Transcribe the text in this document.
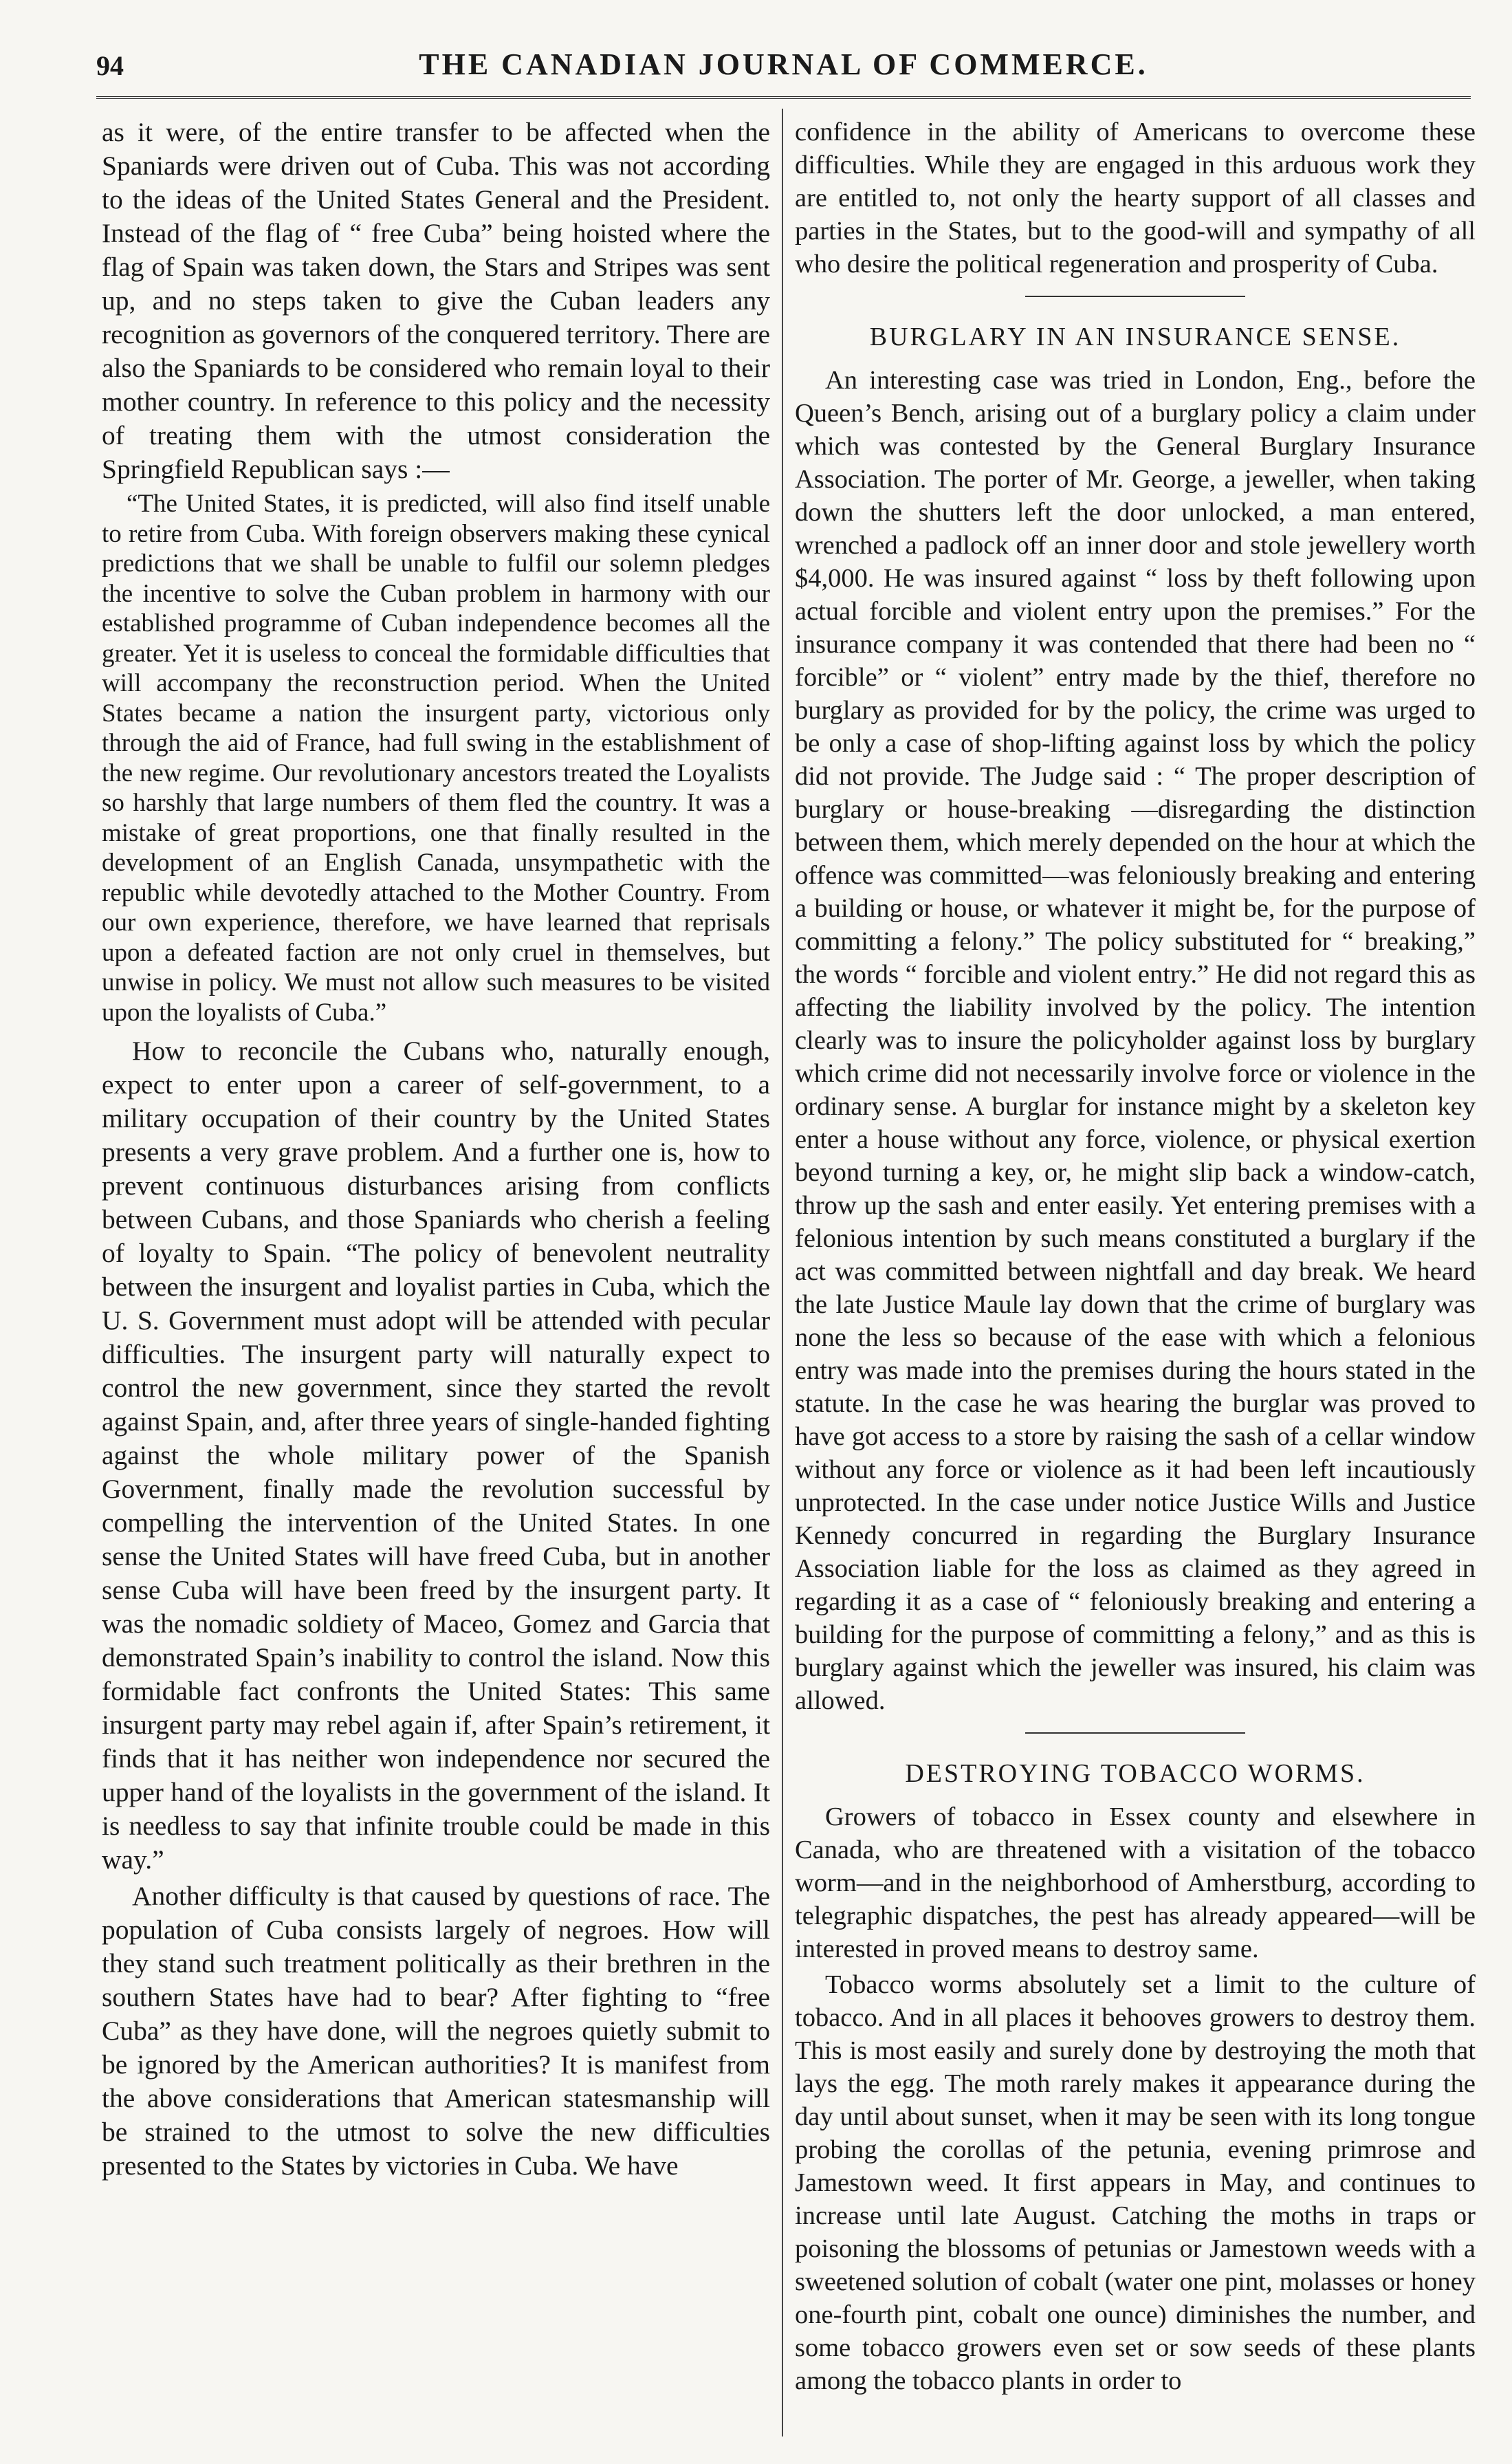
94	THE CANADIAN JOURNAL OF COMMERCE.

as it were, of the entire transfer to be affected when the Spaniards were driven out of Cuba. This was not according to the ideas of the United States General and the President. Instead of the flag of “ free Cuba” being hoisted where the flag of Spain was taken down, the Stars and Stripes was sent up, and no steps taken to give the Cuban leaders any recognition as governors of the conquered territory. There are also the Spaniards to be considered who remain loyal to their mother country. In reference to this policy and the necessity of treating them with the utmost consideration the Springfield Republican says :—

“The United States, it is predicted, will also find itself unable to retire from Cuba. With foreign observers making these cynical predictions that we shall be unable to fulfil our solemn pledges the incentive to solve the Cuban problem in harmony with our established programme of Cuban independence becomes all the greater. Yet it is useless to conceal the formidable difficulties that will accompany the reconstruction period. When the United States became a nation the insurgent party, victorious only through the aid of France, had full swing in the establishment of the new regime. Our revolutionary ancestors treated the Loyalists so harshly that large numbers of them fled the country. It was a mistake of great proportions, one that finally resulted in the development of an English Canada, unsympathetic with the republic while devotedly attached to the Mother Country. From our own experience, therefore, we have learned that reprisals upon a defeated faction are not only cruel in themselves, but unwise in policy. We must not allow such measures to be visited upon the loyalists of Cuba.”

How to reconcile the Cubans who, naturally enough, expect to enter upon a career of self-government, to a military occupation of their country by the United States presents a very grave problem. And a further one is, how to prevent continuous disturbances arising from conflicts between Cubans, and those Spaniards who cherish a feeling of loyalty to Spain. “The policy of benevolent neutrality between the insurgent and loyalist parties in Cuba, which the U. S. Government must adopt will be attended with pecular difficulties. The insurgent party will naturally expect to control the new government, since they started the revolt against Spain, and, after three years of single-handed fighting against the whole military power of the Spanish Government, finally made the revolution successful by compelling the intervention of the United States. In one sense the United States will have freed Cuba, but in another sense Cuba will have been freed by the insurgent party. It was the nomadic soldiety of Maceo, Gomez and Garcia that demonstrated Spain’s inability to control the island. Now this formidable fact confronts the United States: This same insurgent party may rebel again if, after Spain’s retirement, it finds that it has neither won independence nor secured the upper hand of the loyalists in the government of the island. It is needless to say that infinite trouble could be made in this way.”

Another difficulty is that caused by questions of race. The population of Cuba consists largely of negroes. How will they stand such treatment politically as their brethren in the southern States have had to bear? After fighting to “free Cuba” as they have done, will the negroes quietly submit to be ignored by the American authorities? It is manifest from the above considerations that American statesmanship will be strained to the utmost to solve the new difficulties presented to the States by victories in Cuba. We have

confidence in the ability of Americans to overcome these difficulties. While they are engaged in this arduous work they are entitled to, not only the hearty support of all classes and parties in the States, but to the good-will and sympathy of all who desire the political regeneration and prosperity of Cuba.

BURGLARY IN AN INSURANCE SENSE.

An interesting case was tried in London, Eng., before the Queen’s Bench, arising out of a burglary policy a claim under which was contested by the General Burglary Insurance Association. The porter of Mr. George, a jeweller, when taking down the shutters left the door unlocked, a man entered, wrenched a padlock off an inner door and stole jewellery worth $4,000. He was insured against “ loss by theft following upon actual forcible and violent entry upon the premises.” For the insurance company it was contended that there had been no “ forcible” or “ violent” entry made by the thief, therefore no burglary as provided for by the policy, the crime was urged to be only a case of shop-lifting against loss by which the policy did not provide. The Judge said : “ The proper description of burglary or house-breaking —disregarding the distinction between them, which merely depended on the hour at which the offence was committed—was feloniously breaking and entering a building or house, or whatever it might be, for the purpose of committing a felony.” The policy substituted for “ breaking,” the words “ forcible and violent entry.” He did not regard this as affecting the liability involved by the policy. The intention clearly was to insure the policyholder against loss by burglary which crime did not necessarily involve force or violence in the ordinary sense. A burglar for instance might by a skeleton key enter a house without any force, violence, or physical exertion beyond turning a key, or, he might slip back a window-catch, throw up the sash and enter easily. Yet entering premises with a felonious intention by such means constituted a burglary if the act was committed between nightfall and day break. We heard the late Justice Maule lay down that the crime of burglary was none the less so because of the ease with which a felonious entry was made into the premises during the hours stated in the statute. In the case he was hearing the burglar was proved to have got access to a store by raising the sash of a cellar window without any force or violence as it had been left incautiously unprotected. In the case under notice Justice Wills and Justice Kennedy concurred in regarding the Burglary Insurance Association liable for the loss as claimed as they agreed in regarding it as a case of “ feloniously breaking and entering a building for the purpose of committing a felony,” and as this is burglary against which the jeweller was insured, his claim was allowed.

DESTROYING TOBACCO WORMS.

Growers of tobacco in Essex county and elsewhere in Canada, who are threatened with a visitation of the tobacco worm—and in the neighborhood of Amherstburg, according to telegraphic dispatches, the pest has already appeared—will be interested in proved means to destroy same.

Tobacco worms absolutely set a limit to the culture of tobacco. And in all places it behooves growers to destroy them. This is most easily and surely done by destroying the moth that lays the egg. The moth rarely makes it appearance during the day until about sunset, when it may be seen with its long tongue probing the corollas of the petunia, evening primrose and Jamestown weed. It first appears in May, and continues to increase until late August. Catching the moths in traps or poisoning the blossoms of petunias or Jamestown weeds with a sweetened solution of cobalt (water one pint, molasses or honey one-fourth pint, cobalt one ounce) diminishes the number, and some tobacco growers even set or sow seeds of these plants among the tobacco plants in order to
